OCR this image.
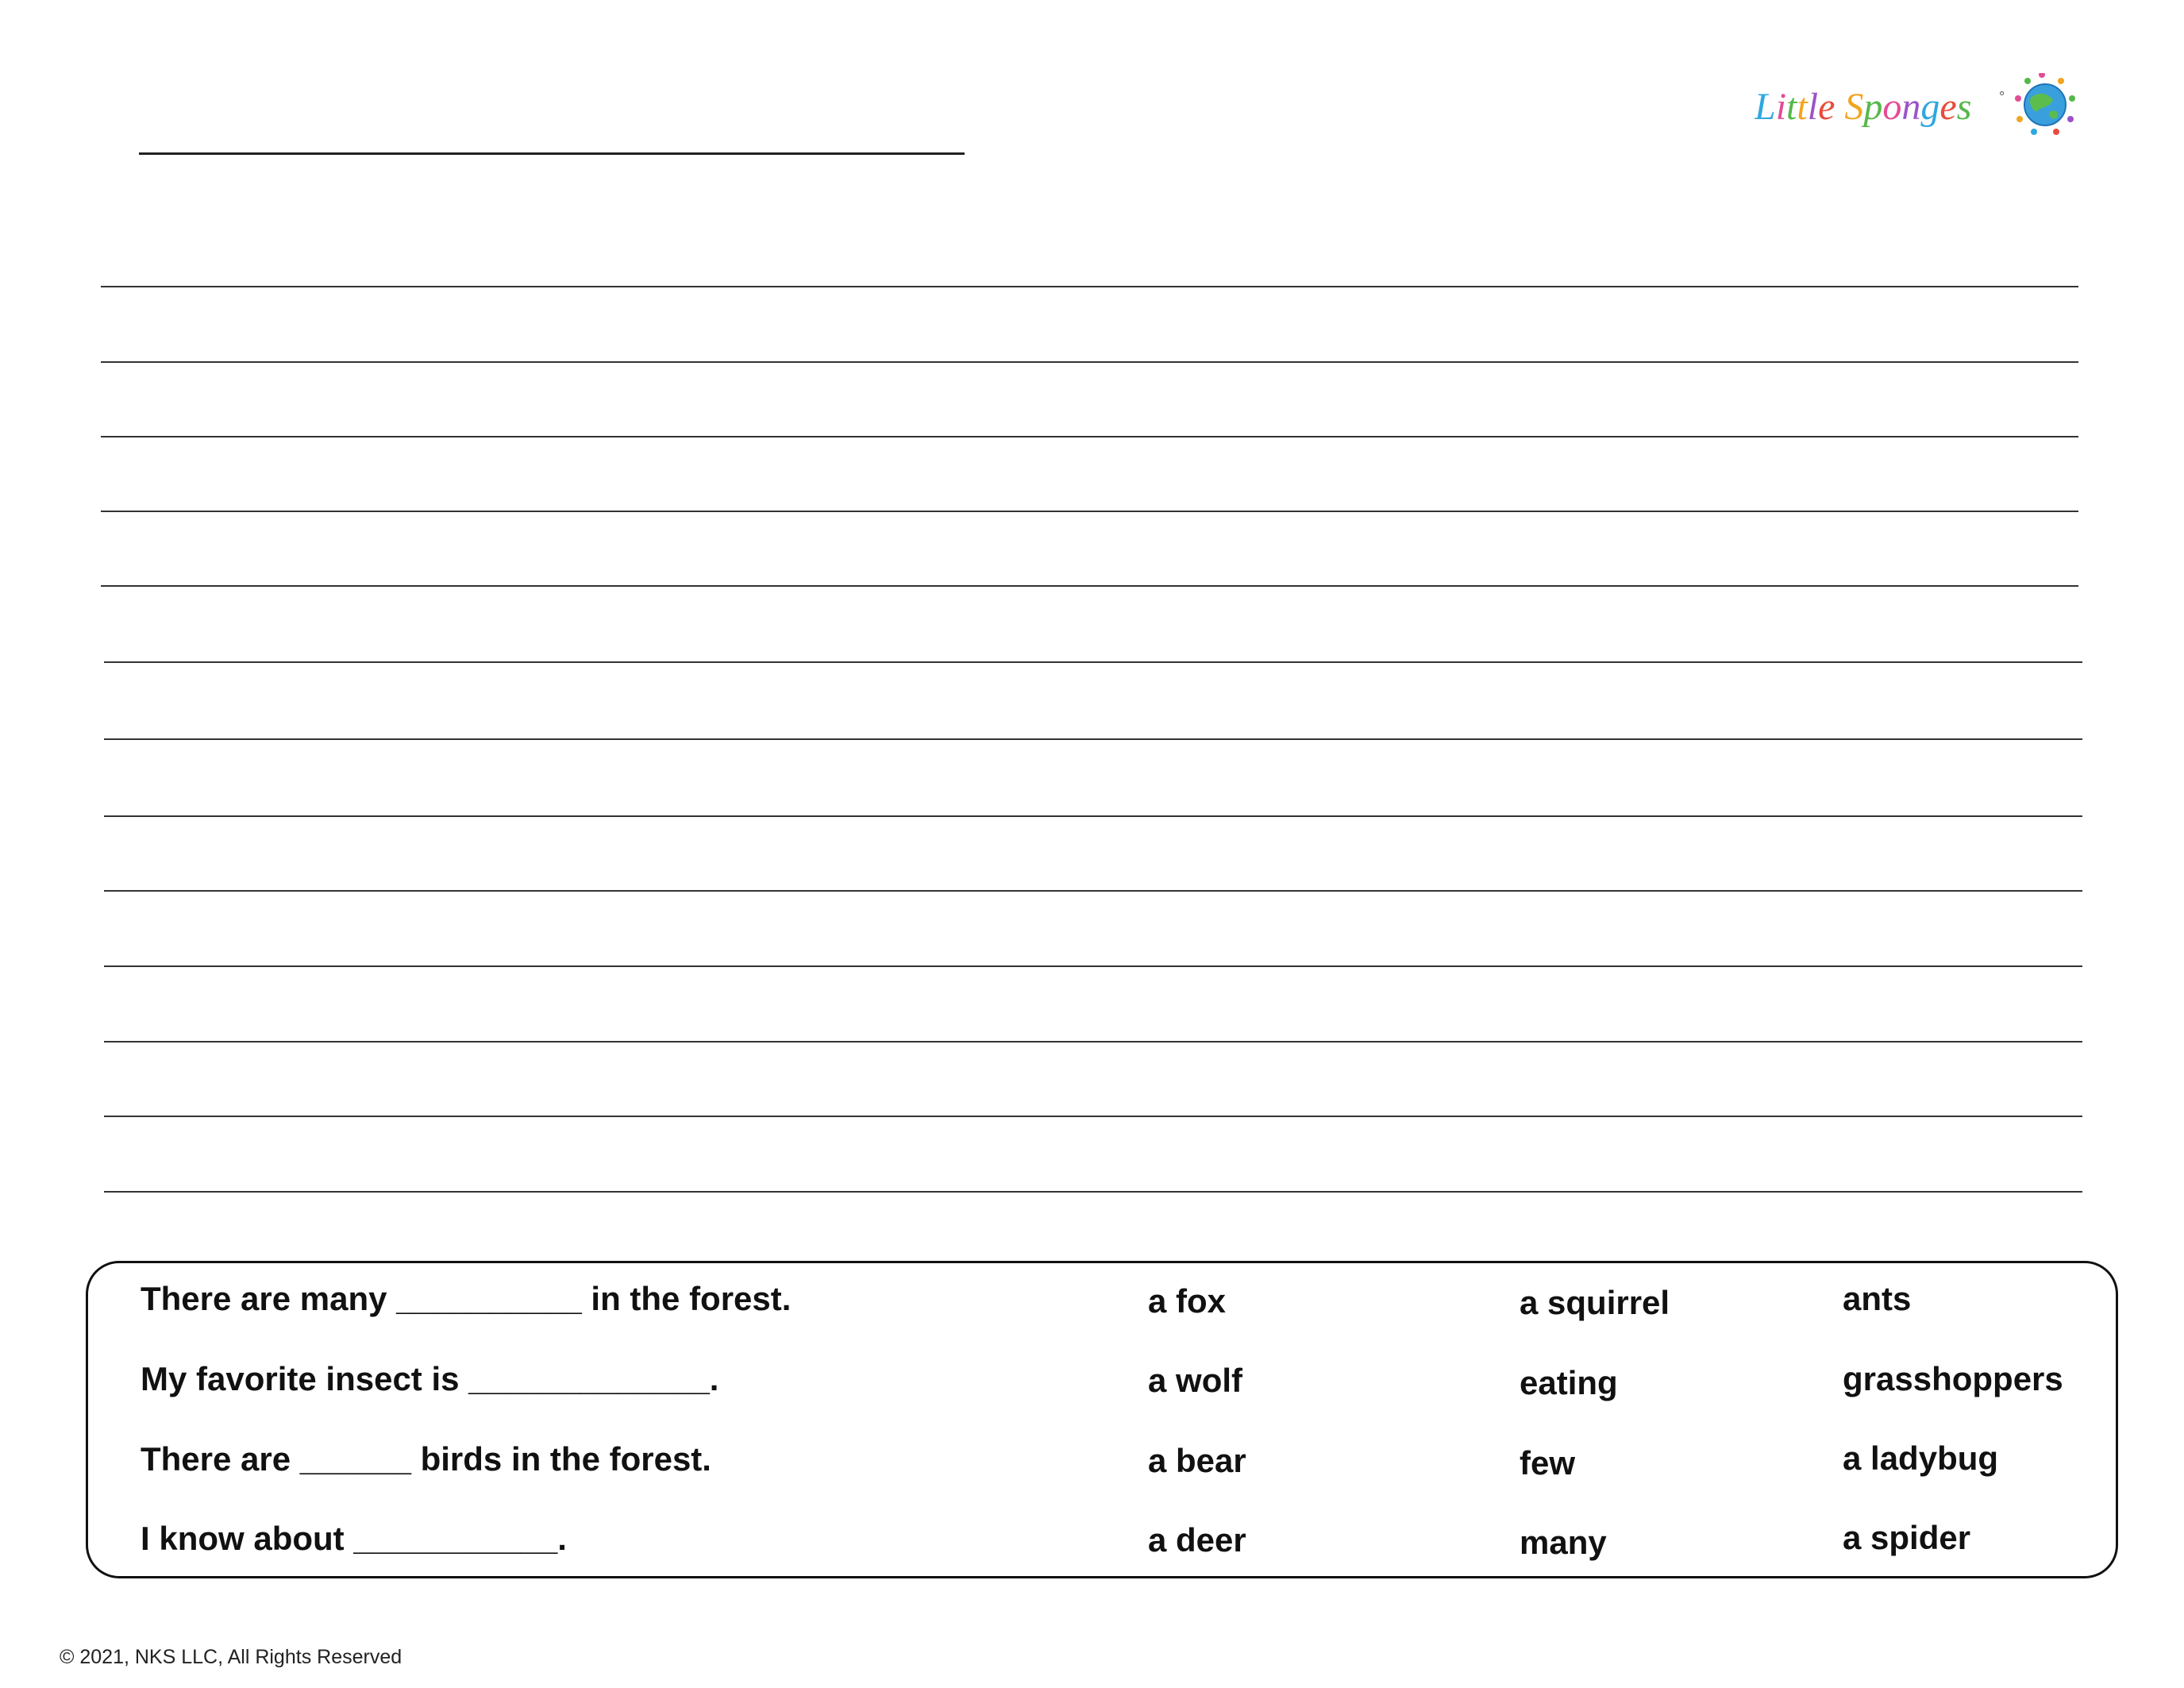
Little Sponges °
There are many __________ in the forest.
My favorite insect is _____________.
There are ______ birds in the forest.
I know about ___________.
a fox
a wolf
a bear
a deer
a squirrel
eating
few
many
ants
grasshoppers
a ladybug
a spider
© 2021, NKS LLC, All Rights Reserved
